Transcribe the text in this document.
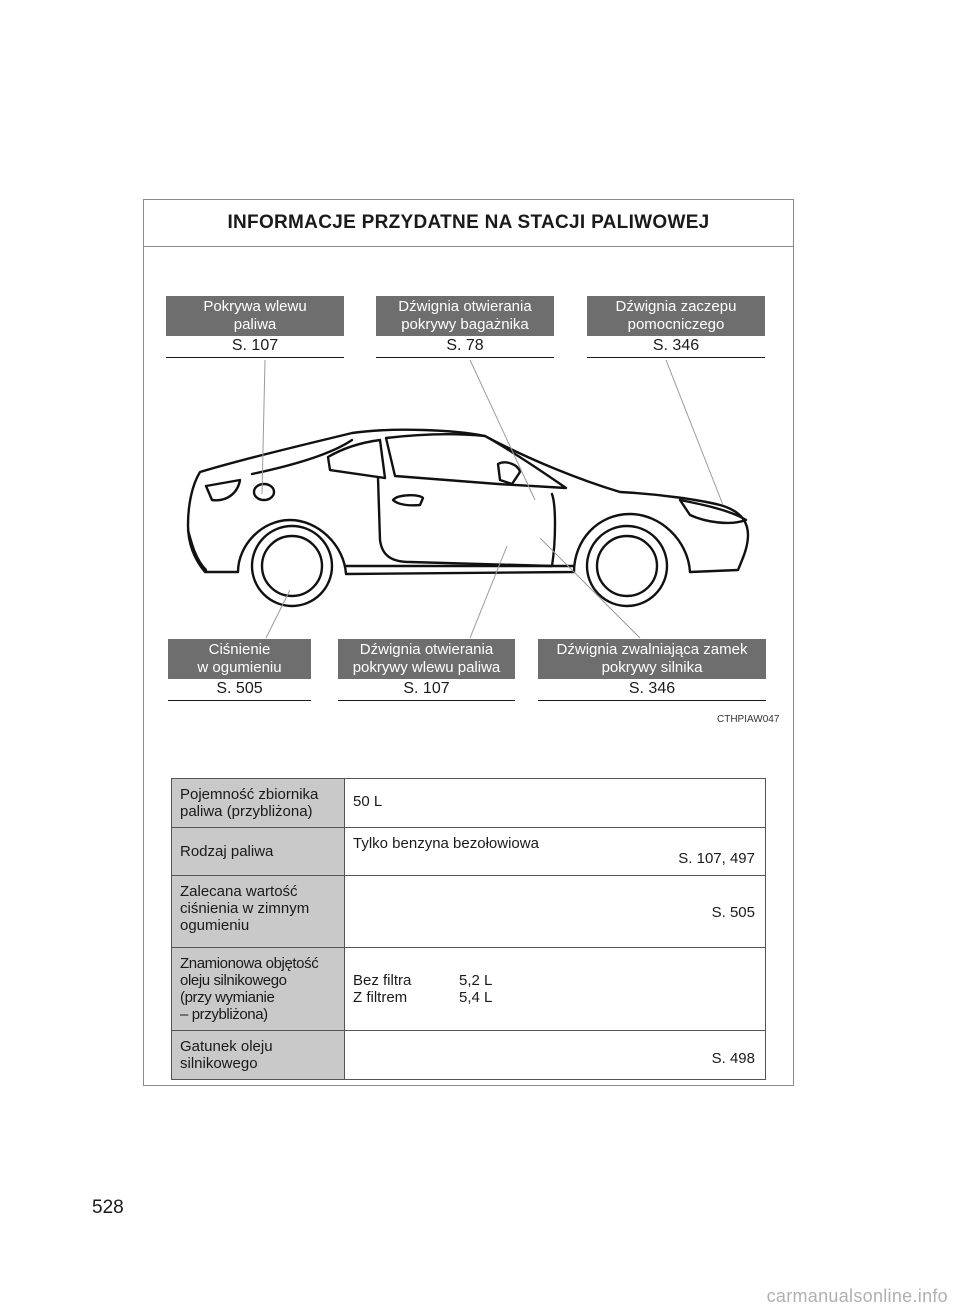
INFORMACJE PRZYDATNE NA STACJI PALIWOWEJ
Pokrywa wlewu
paliwa
S. 107
Dźwignia otwierania
pokrywy bagażnika
S. 78
Dźwignia zaczepu
pomocniczego
S. 346
Ciśnienie
w ogumieniu
S. 505
Dźwignia otwierania
pokrywy wlewu paliwa
S. 107
Dźwignia zwalniająca zamek
pokrywy silnika
S. 346
CTHPIAW047
Pojemność zbiornika
paliwa (przybliżona)	50 L
Rodzaj paliwa	Tylko benzyna bezołowiowa
S. 107, 497

Zalecana wartość
ciśnienia w zimnym
ogumieniu	S. 505

Znamionowa objętość
oleju silnikowego
(przy wymianie
– przybliżona)	Bez filtra 5,2 L
Z filtrem 5,4 L

Gatunek oleju
silnikowego	S. 498
528
carmanualsonline.info
